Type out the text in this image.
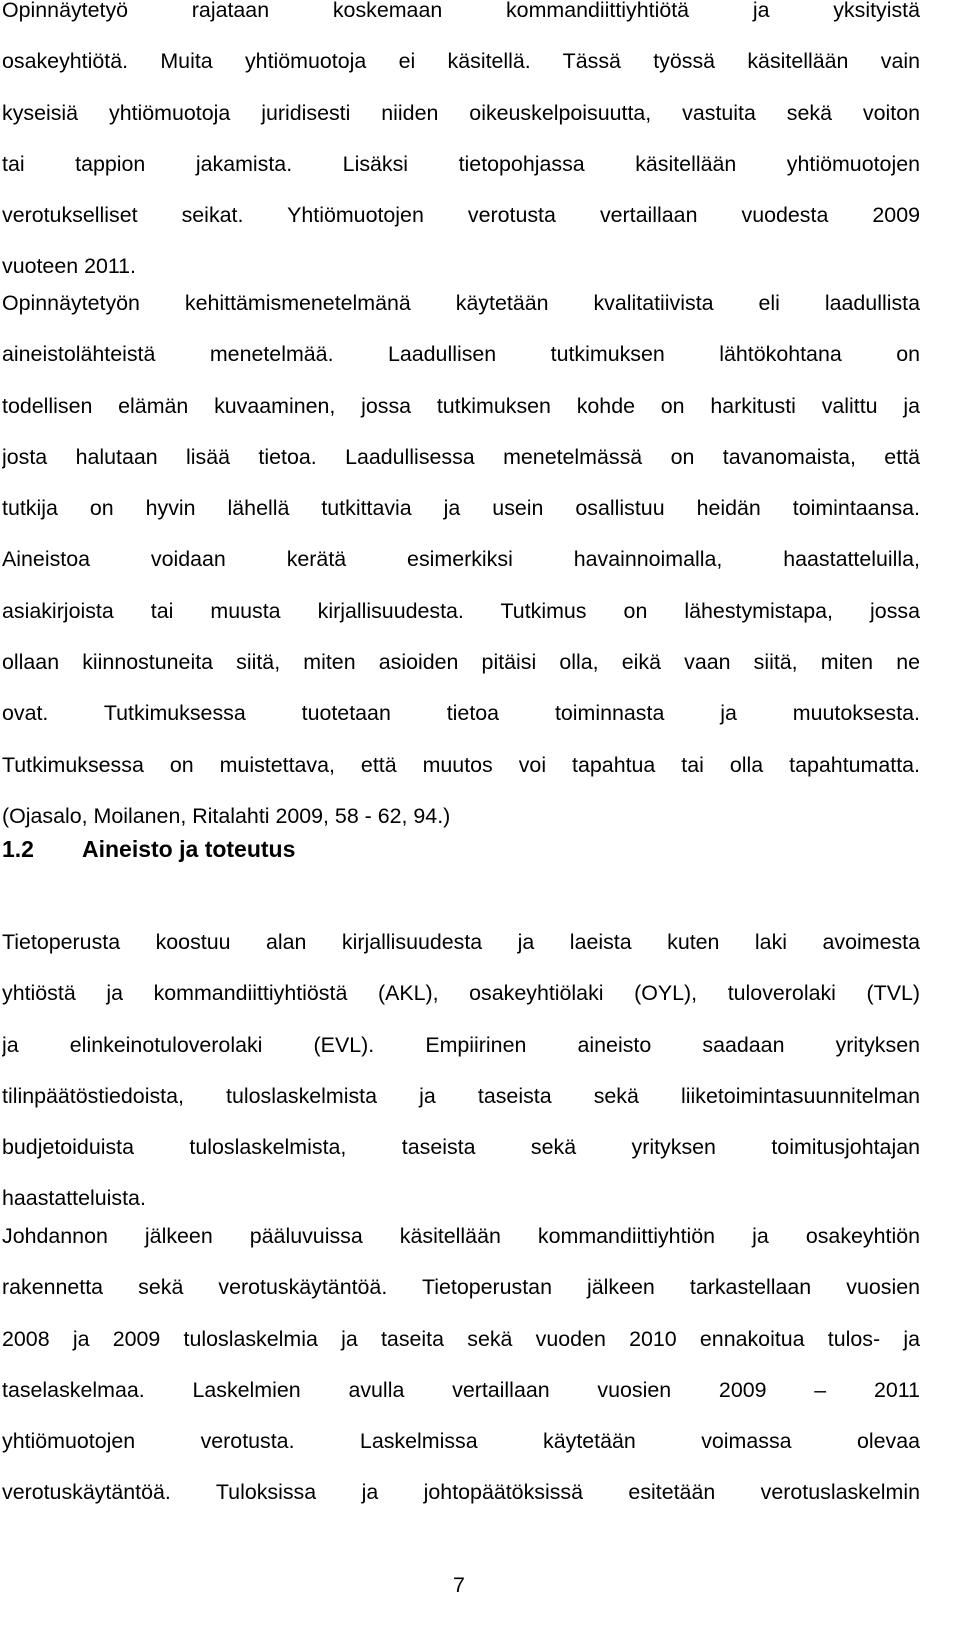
Opinnäytetyö rajataan koskemaan kommandiittiyhtiötä ja yksityistä
osakeyhtiötä. Muita yhtiömuotoja ei käsitellä. Tässä työssä käsitellään vain
kyseisiä yhtiömuotoja juridisesti niiden oikeuskelpoisuutta, vastuita sekä voiton
tai tappion jakamista. Lisäksi tietopohjassa käsitellään yhtiömuotojen
verotukselliset seikat. Yhtiömuotojen verotusta vertaillaan vuodesta 2009
vuoteen 2011.
Opinnäytetyön kehittämismenetelmänä käytetään kvalitatiivista eli laadullista
aineistolähteistä menetelmää. Laadullisen tutkimuksen lähtökohtana on
todellisen elämän kuvaaminen, jossa tutkimuksen kohde on harkitusti valittu ja
josta halutaan lisää tietoa. Laadullisessa menetelmässä on tavanomaista, että
tutkija on hyvin lähellä tutkittavia ja usein osallistuu heidän toimintaansa.
Aineistoa voidaan kerätä esimerkiksi havainnoimalla, haastatteluilla,
asiakirjoista tai muusta kirjallisuudesta. Tutkimus on lähestymistapa, jossa
ollaan kiinnostuneita siitä, miten asioiden pitäisi olla, eikä vaan siitä, miten ne
ovat. Tutkimuksessa tuotetaan tietoa toiminnasta ja muutoksesta.
Tutkimuksessa on muistettava, että muutos voi tapahtua tai olla tapahtumatta.
(Ojasalo, Moilanen, Ritalahti 2009, 58 - 62, 94.)
1.2 Aineisto ja toteutus
Tietoperusta koostuu alan kirjallisuudesta ja laeista kuten laki avoimesta
yhtiöstä ja kommandiittiyhtiöstä (AKL), osakeyhtiölaki (OYL), tuloverolaki (TVL)
ja elinkeinotuloverolaki (EVL). Empiirinen aineisto saadaan yrityksen
tilinpäätöstiedoista, tuloslaskelmista ja taseista sekä liiketoimintasuunnitelman
budjetoiduista tuloslaskelmista, taseista sekä yrityksen toimitusjohtajan
haastatteluista.
Johdannon jälkeen pääluvuissa käsitellään kommandiittiyhtiön ja osakeyhtiön
rakennetta sekä verotuskäytäntöä. Tietoperustan jälkeen tarkastellaan vuosien
2008 ja 2009 tuloslaskelmia ja taseita sekä vuoden 2010 ennakoitua tulos- ja
taselaskelmaa. Laskelmien avulla vertaillaan vuosien 2009 – 2011
yhtiömuotojen verotusta. Laskelmissa käytetään voimassa olevaa
verotuskäytäntöä. Tuloksissa ja johtopäätöksissä esitetään verotuslaskelmin
7
